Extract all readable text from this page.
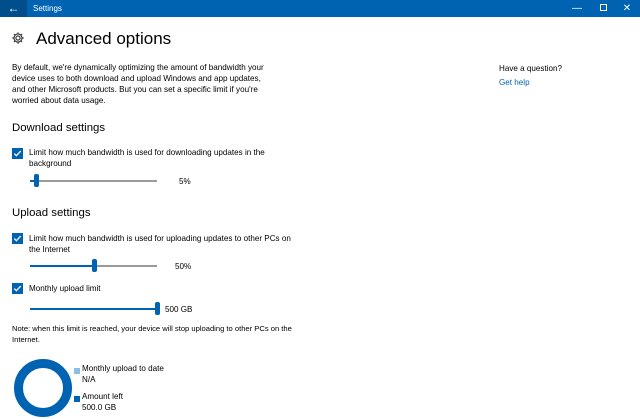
←	Settings	—	✕
Advanced options

By default, we're dynamically optimizing the amount of bandwidth your device uses to both download and upload Windows and app updates, and other Microsoft products. But you can set a specific limit if you're worried about data usage.

Have a question?
Get help
Download settings
Limit how much bandwidth is used for downloading updates in the background
5%
Upload settings
Limit how much bandwidth is used for uploading updates to other PCs on the Internet
50%
Monthly upload limit
500 GB

Note: when this limit is reached, your device will stop uploading to other PCs on the Internet.

Monthly upload to date
N/A
Amount left
500.0 GB
